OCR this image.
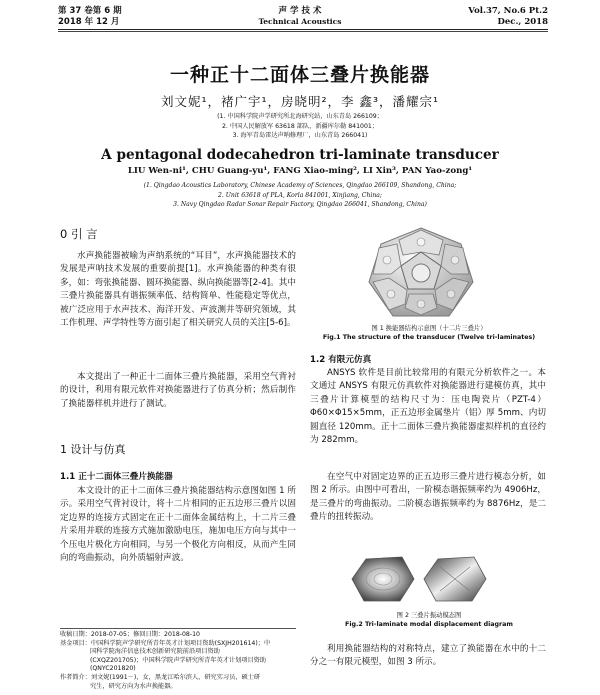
第 37 卷第 6 期
2018 年 12 月
声 学 技 术
Technical Acoustics
Vol.37, No.6 Pt.2
Dec., 2018
一种正十二面体三叠片换能器
刘文妮¹，褚广宇¹，房晓明²，李 鑫³，潘耀宗¹
(1. 中国科学院声学研究所北海研究站，山东青岛 266109；
2. 中国人民解放军 63618 部队，新疆库尔勒 841001；
3. 海军青岛雷达声呐修理厂，山东青岛 266041)
A pentagonal dodecahedron tri-laminate transducer
LIU Wen-ni¹, CHU Guang-yu¹, FANG Xiao-ming², LI Xin³, PAN Yao-zong¹
(1. Qingdao Acoustics Laboratory, Chinese Academy of Sciences, Qingdao 266109, Shandong, China;
2. Unit 63618 of PLA, Korla 841001, Xinjiang, China;
3. Navy Qingdao Radar Sonar Repair Factory, Qingdao 266041, Shandong, China)
0 引 言
水声换能器被喻为声纳系统的“耳目”，水声换能器技术的发展是声呐技术发展的重要前提[1]。水声换能器的种类有很多，如：弯张换能器、圆环换能器、纵向换能器等[2-4]。其中三叠片换能器具有谐振频率低、结构简单、性能稳定等优点，被广泛应用于水声技术、海洋开发、声波测井等研究领域，其工作机理、声学特性等方面引起了相关研究人员的关注[5-6]。
本文提出了一种正十二面体三叠片换能器，采用空气背衬的设计，利用有限元软件对换能器进行了仿真分析；然后制作了换能器样机并进行了测试。
1 设计与仿真
1.1 正十二面体三叠片换能器
本文设计的正十二面体三叠片换能器结构示意图如图 1 所示。采用空气背衬设计，将十二片相同的正五边形三叠片以固定边界的连接方式固定在正十二面体金属结构上，十二片三叠片采用并联的连接方式施加激励电压，施加电压方向与其中一个压电片极化方向相同，与另一个极化方向相反，从而产生同向的弯曲振动，向外质辐射声波。
收稿日期：2018-07-05；修回日期：2018-08-10
基金项目：中国科学院声学研究所青年英才计划项目资助(SXJH201614)；中
国科学院海洋信息技术创新研究院前沿项目资助
(CXQZ201705)；中国科学院声学研究所青年英才计划项目资助
(QNYC201820)
作者简介：刘文妮(1991－)，女，黑龙江哈尔滨人，研究实习员，硕士研
究生，研究方向为水声换能器。
图 1 换能器结构示意图（十二片三叠片）
Fig.1 The structure of the transducer (Twelve tri-laminates)
1.2 有限元仿真
ANSYS 软件是目前比较常用的有限元分析软件之一。本文通过 ANSYS 有限元仿真软件对换能器进行建模仿真，其中三叠片计算模型的结构尺寸为：压电陶瓷片（PZT-4）Φ60×Φ15×5mm，正五边形金属垫片（铝）厚 5mm、内切圆直径 120mm。正十二面体三叠片换能器虚拟样机的直径约为 282mm。
在空气中对固定边界的正五边形三叠片进行模态分析，如图 2 所示。由图中可看出，一阶模态谐振频率约为 4906Hz，是三叠片的弯曲振动。二阶模态谐振频率约为 8876Hz，是二叠片的扭转振动。
图 2 三叠片振动模态图
Fig.2 Tri-laminate modal displacement diagram
利用换能器结构的对称特点，建立了换能器在水中的十二分之一有限元模型，如图 3 所示。
